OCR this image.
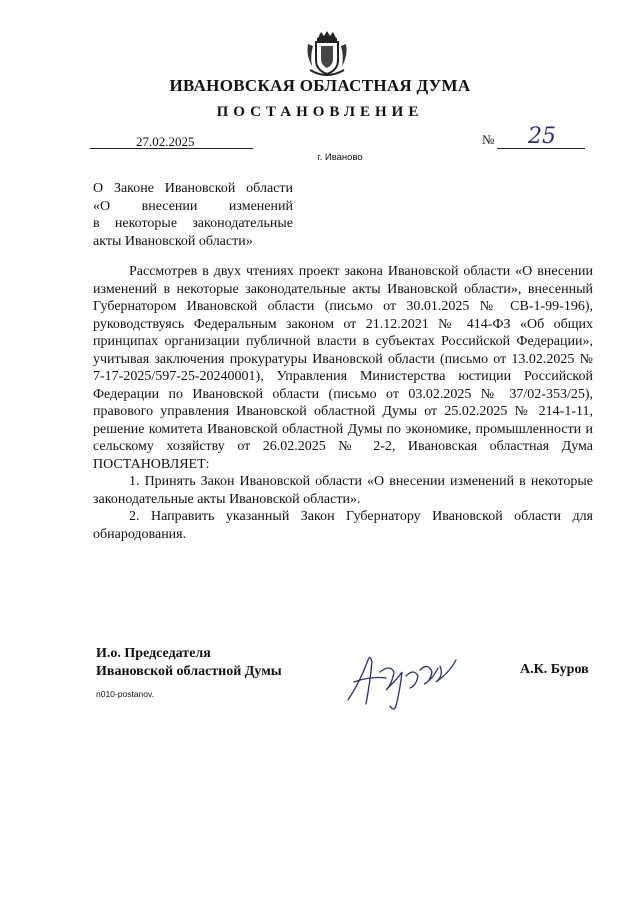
ИВАНОВСКАЯ ОБЛАСТНАЯ ДУМА
ПОСТАНОВЛЕНИЕ
27.02.2025	№ 25
г. Иваново
О Законе Ивановской области
«О внесении изменений
в некоторые законодательные
акты Ивановской области»

Рассмотрев в двух чтениях проект закона Ивановской области «О внесении изменений в некоторые законодательные акты Ивановской области», внесенный Губернатором Ивановской области (письмо от 30.01.2025 № СВ-1-99-196), руководствуясь Федеральным законом от 21.12.2021 № 414-ФЗ «Об общих принципах организации публичной власти в субъектах Российской Федерации», учитывая заключения прокуратуры Ивановской области (письмо от 13.02.2025 № 7-17-2025/597-25-20240001), Управления Министерства юстиции Российской Федерации по Ивановской области (письмо от 03.02.2025 № 37/02-353/25), правового управления Ивановской областной Думы от 25.02.2025 № 214-1-11, решение комитета Ивановской областной Думы по экономике, промышленности и сельскому хозяйству от 26.02.2025 № 2-2, Ивановская областная Дума ПОСТАНОВЛЯЕТ:

1. Принять Закон Ивановской области «О внесении изменений в некоторые законодательные акты Ивановской области».

2. Направить указанный Закон Губернатору Ивановской области для обнародования.

И.о. Председателя
Ивановской областной Думы	А.К. Буров
n010-postanov.
